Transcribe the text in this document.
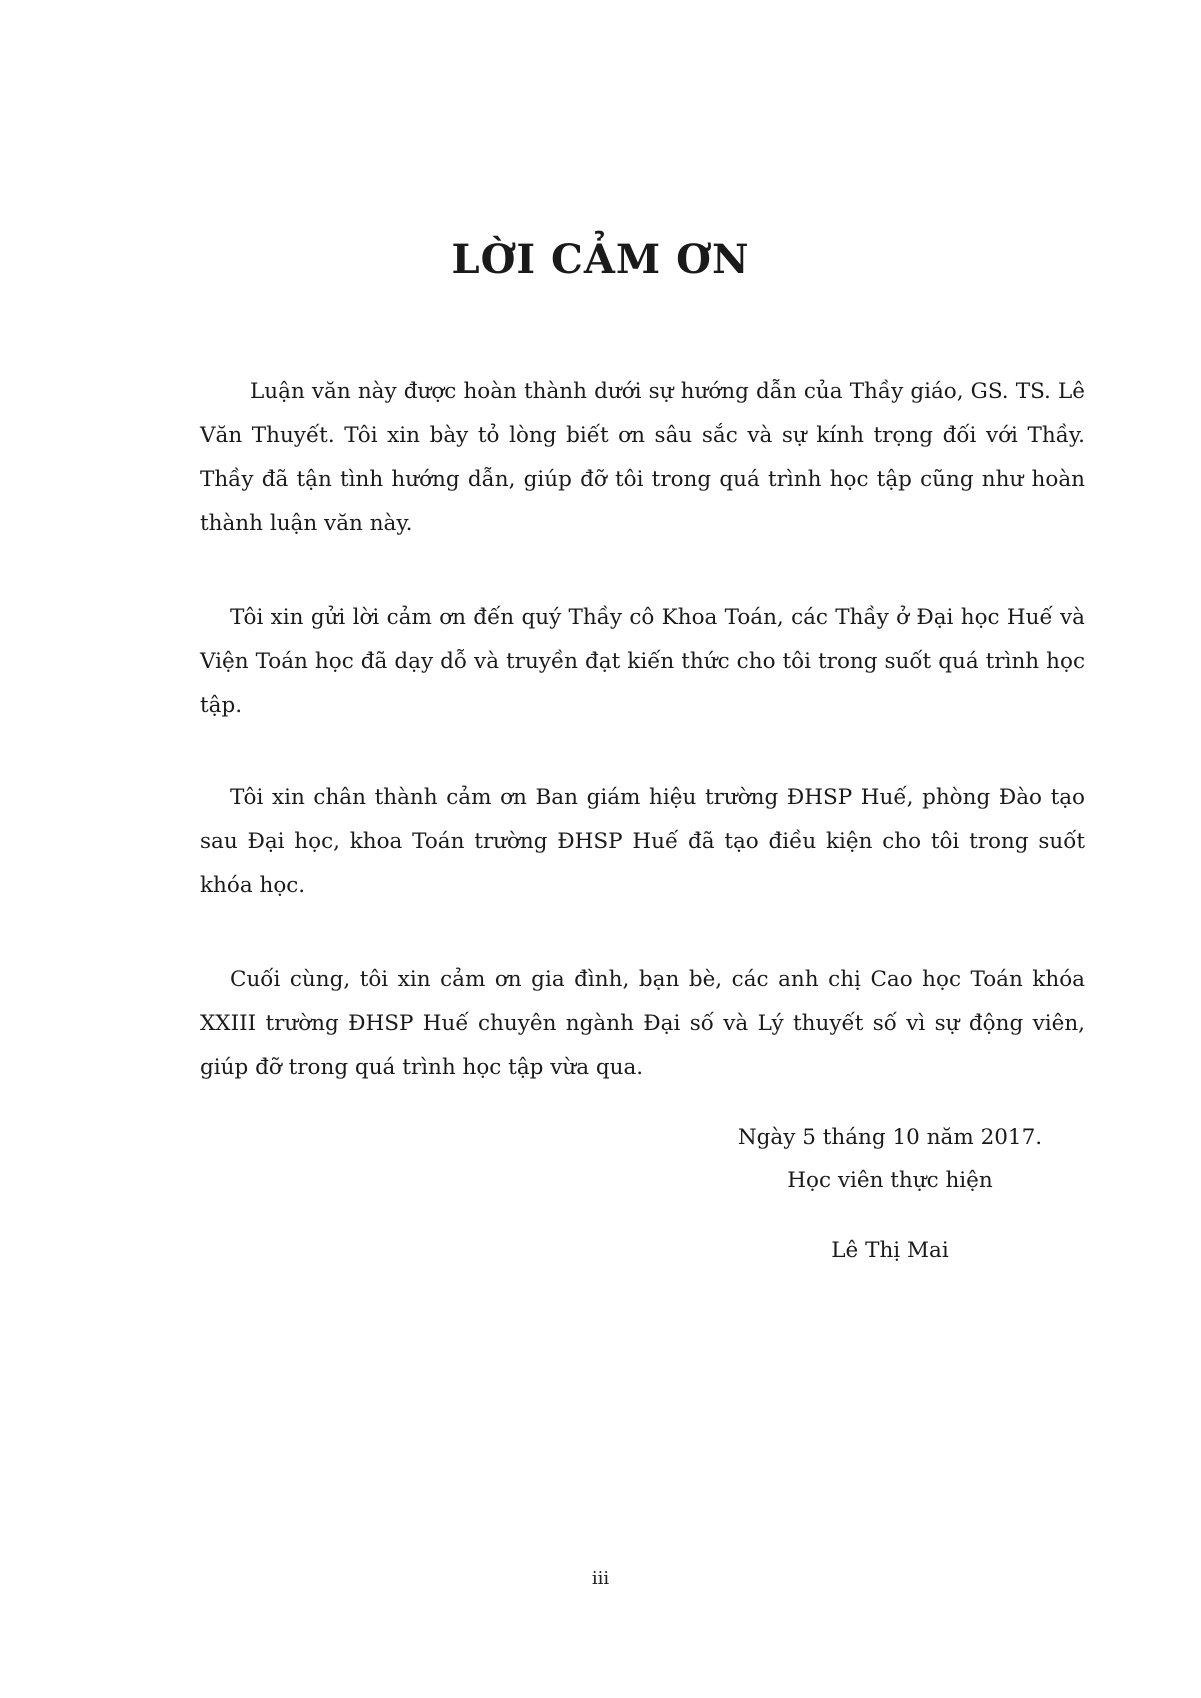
LỜI CẢM ƠN

Luận văn này được hoàn thành dưới sự hướng dẫn của Thầy giáo, GS. TS. Lê Văn Thuyết. Tôi xin bày tỏ lòng biết ơn sâu sắc và sự kính trọng đối với Thầy. Thầy đã tận tình hướng dẫn, giúp đỡ tôi trong quá trình học tập cũng như hoàn thành luận văn này.

Tôi xin gửi lời cảm ơn đến quý Thầy cô Khoa Toán, các Thầy ở Đại học Huế và Viện Toán học đã dạy dỗ và truyền đạt kiến thức cho tôi trong suốt quá trình học tập.

Tôi xin chân thành cảm ơn Ban giám hiệu trường ĐHSP Huế, phòng Đào tạo sau Đại học, khoa Toán trường ĐHSP Huế đã tạo điều kiện cho tôi trong suốt khóa học.

Cuối cùng, tôi xin cảm ơn gia đình, bạn bè, các anh chị Cao học Toán khóa XXIII trường ĐHSP Huế chuyên ngành Đại số và Lý thuyết số vì sự động viên, giúp đỡ trong quá trình học tập vừa qua.

Ngày 5 tháng 10 năm 2017.

Học viên thực hiện

Lê Thị Mai

iii
